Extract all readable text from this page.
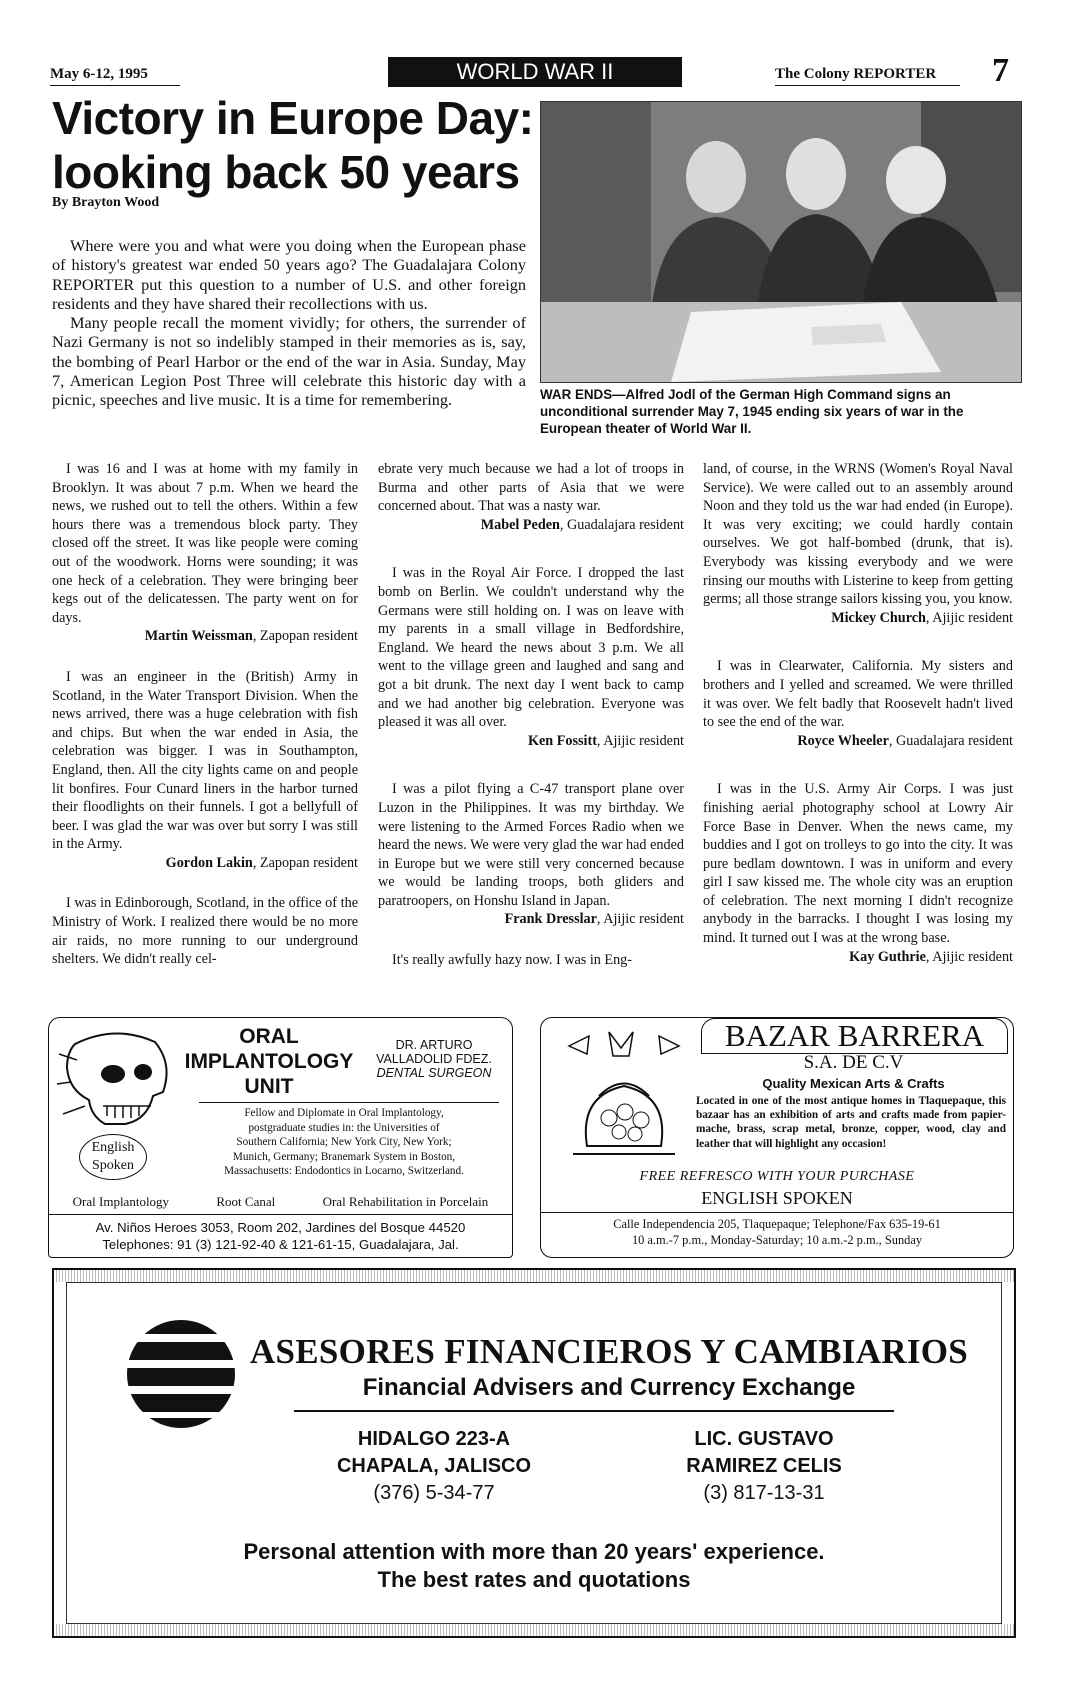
May 6-12, 1995	WORLD WAR II	The Colony REPORTER 7
Victory in Europe Day:
looking back 50 years
By Brayton Wood
WAR ENDS—Alfred Jodl of the German High Command signs an unconditional surrender May 7, 1945 ending six years of war in the European theater of World War II.

Where were you and what were you doing when the European phase of history's greatest war ended 50 years ago? The Guadalajara Colony REPORTER put this question to a number of U.S. and other foreign residents and they have shared their recollections with us.

Many people recall the moment vividly; for others, the surrender of Nazi Germany is not so indelibly stamped in their memories as is, say, the bombing of Pearl Harbor or the end of the war in Asia. Sunday, May 7, American Legion Post Three will celebrate this historic day with a picnic, speeches and live music. It is a time for remembering.

I was 16 and I was at home with my family in Brooklyn. It was about 7 p.m. When we heard the news, we rushed out to tell the others. Within a few hours there was a tremendous block party. They closed off the street. It was like people were coming out of the woodwork. Horns were sounding; it was one heck of a celebration. They were bringing beer kegs out of the delicatessen. The party went on for days.

Martin Weissman, Zapopan resident

I was an engineer in the (British) Army in Scotland, in the Water Transport Division. When the news arrived, there was a huge celebration with fish and chips. But when the war ended in Asia, the celebration was bigger. I was in Southampton, England, then. All the city lights came on and people lit bonfires. Four Cunard liners in the harbor turned their floodlights on their funnels. I got a bellyfull of beer. I was glad the war was over but sorry I was still in the Army.

Gordon Lakin, Zapopan resident

I was in Edinborough, Scotland, in the office of the Ministry of Work. I realized there would be no more air raids, no more running to our underground shelters. We didn't really cel-

ebrate very much because we had a lot of troops in Burma and other parts of Asia that we were concerned about. That was a nasty war.

Mabel Peden, Guadalajara resident

I was in the Royal Air Force. I dropped the last bomb on Berlin. We couldn't understand why the Germans were still holding on. I was on leave with my parents in a small village in Bedfordshire, England. We heard the news about 3 p.m. We all went to the village green and laughed and sang and got a bit drunk. The next day I went back to camp and we had another big celebration. Everyone was pleased it was all over.

Ken Fossitt, Ajijic resident

I was a pilot flying a C-47 transport plane over Luzon in the Philippines. It was my birthday. We were listening to the Armed Forces Radio when we heard the news. We were very glad the war had ended in Europe but we were still very concerned because we would be landing troops, both gliders and paratroopers, on Honshu Island in Japan.

Frank Dresslar, Ajijic resident

It's really awfully hazy now. I was in Eng-

land, of course, in the WRNS (Women's Royal Naval Service). We were called out to an assembly around Noon and they told us the war had ended (in Europe). It was very exciting; we could hardly contain ourselves. We got half-bombed (drunk, that is). Everybody was kissing everybody and we were rinsing our mouths with Listerine to keep from getting germs; all those strange sailors kissing you, you know.

Mickey Church, Ajijic resident

I was in Clearwater, California. My sisters and brothers and I yelled and screamed. We were thrilled it was over. We felt badly that Roosevelt hadn't lived to see the end of the war.

Royce Wheeler, Guadalajara resident

I was in the U.S. Army Air Corps. I was just finishing aerial photography school at Lowry Air Force Base in Denver. When the news came, my buddies and I got on trolleys to go into the city. It was pure bedlam downtown. I was in uniform and every girl I saw kissed me. The whole city was an eruption of celebration. The next morning I didn't recognize anybody in the barracks. I thought I was losing my mind. It turned out I was at the wrong base.

Kay Guthrie, Ajijic resident

ORAL
IMPLANTOLOGY
UNIT
DR. ARTURO
VALLADOLID FDEZ.
DENTAL SURGEON
English
Spoken
Fellow and Diplomate in Oral Implantology,
postgraduate studies in: the Universities of
Southern California; New York City, New York;
Munich, Germany; Branemark System in Boston,
Massachusetts: Endodontics in Locarno, Switzerland.
Oral Implantology	Root Canal	Oral Rehabilitation in Porcelain
Av. Niños Heroes 3053, Room 202, Jardines del Bosque 44520
Telephones: 91 (3) 121-92-40 & 121-61-15, Guadalajara, Jal.
BAZAR BARRERA
S.A. DE C.V
Quality Mexican Arts & Crafts
Located in one of the most antique homes in Tlaquepaque, this bazaar has an exhibition of arts and crafts made from papier-mache, brass, scrap metal, bronze, copper, wood, clay and leather that will highlight any occasion!
FREE REFRESCO WITH YOUR PURCHASE
ENGLISH SPOKEN
Calle Independencia 205, Tlaquepaque; Telephone/Fax 635-19-61
10 a.m.-7 p.m., Monday-Saturday; 10 a.m.-2 p.m., Sunday
ASESORES FINANCIEROS Y CAMBIARIOS
Financial Advisers and Currency Exchange
HIDALGO 223-A
CHAPALA, JALISCO
(376) 5-34-77
LIC. GUSTAVO
RAMIREZ CELIS
(3) 817-13-31
Personal attention with more than 20 years' experience.
The best rates and quotations
